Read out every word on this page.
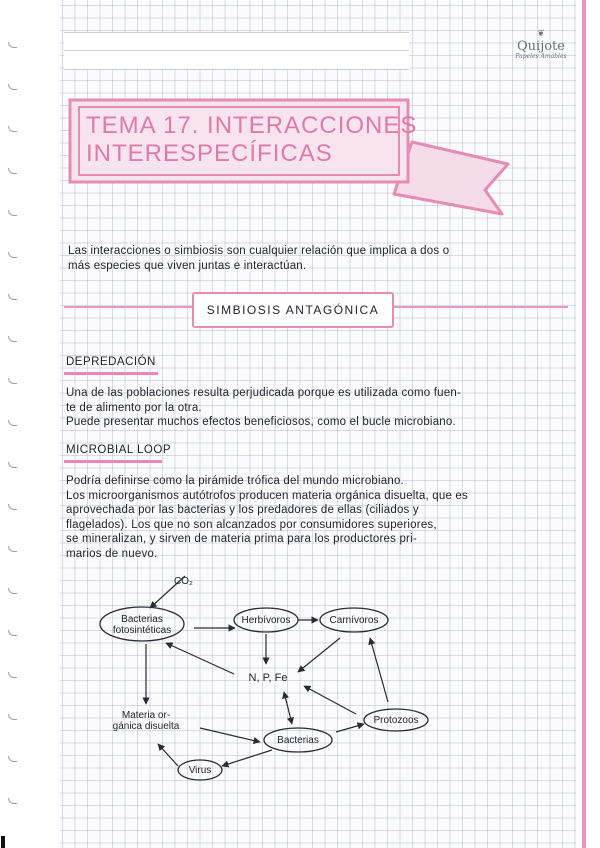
❦
Quijote
Papeles Amables
TEMA 17. INTERACCIONES
INTERESPECÍFICAS
Las interacciones o simbiosis son cualquier relación que implica a dos o
más especies que viven juntas e interactúan.
SIMBIOSIS ANTAGÓNICA
DEPREDACIÓN
Una de las poblaciones resulta perjudicada porque es utilizada como fuen-
te de alimento por la otra.
Puede presentar muchos efectos beneficiosos, como el bucle microbiano.
MICROBIAL LOOP
Podría definirse como la pirámide trófica del mundo microbiano.
Los microorganismos autótrofos producen materia orgánica disuelta, que es
aprovechada por las bacterias y los predadores de ellas (ciliados y
flagelados). Los que no son alcanzados por consumidores superiores,
se mineralizan, y sirven de materia prima para los productores pri-
marios de nuevo.
CO₂
Bacterias
fotosintéticas
Herbívoros	Carnívoros
N, P, Fe
Materia or-
gánica disuelta
Protozoos
Bacterias
Virus
